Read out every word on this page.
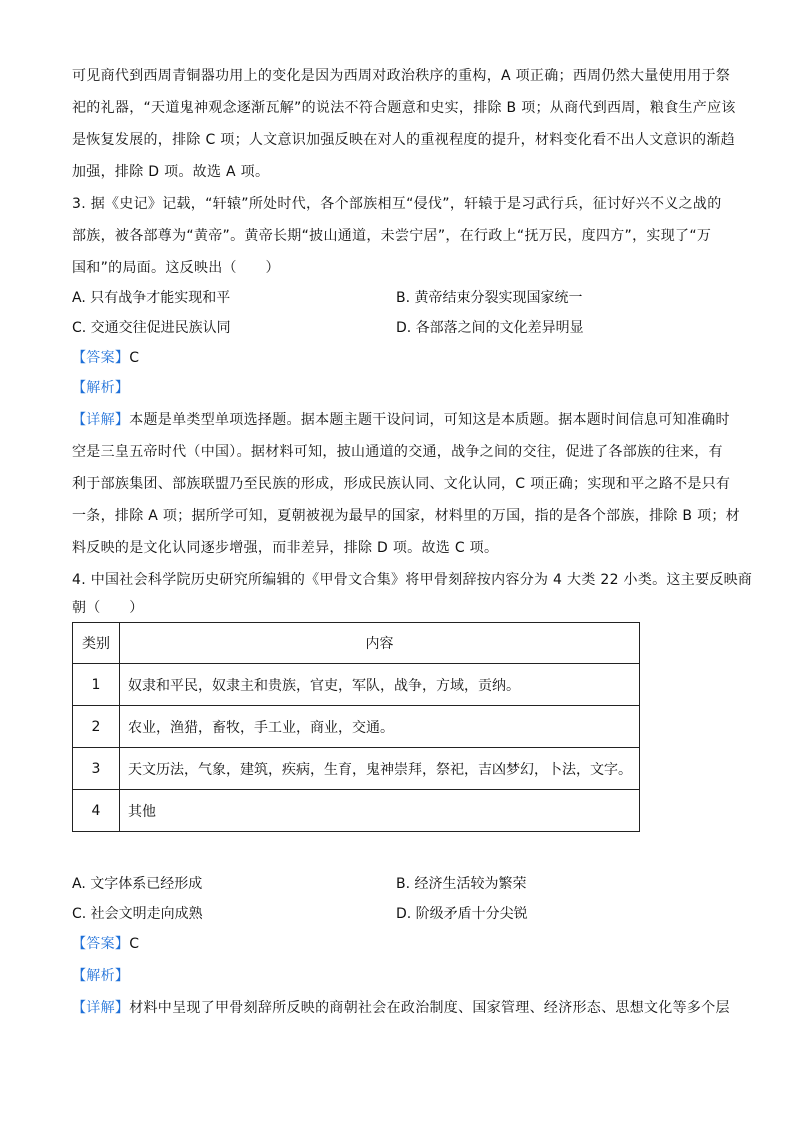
可见商代到西周青铜器功用上的变化是因为西周对政治秩序的重构，A 项正确；西周仍然大量使用用于祭
祀的礼器，“天道鬼神观念逐渐瓦解”的说法不符合题意和史实，排除 B 项；从商代到西周，粮食生产应该
是恢复发展的，排除 C 项；人文意识加强反映在对人的重视程度的提升，材料变化看不出人文意识的渐趋
加强，排除 D 项。故选 A 项。
3. 据《史记》记载，“轩辕”所处时代，各个部族相互“侵伐”，轩辕于是习武行兵，征讨好兴不义之战的
部族，被各部尊为“黄帝”。黄帝长期“披山通道，未尝宁居”，在行政上“抚万民，度四方”，实现了“万
国和”的局面。这反映出（　　）
A. 只有战争才能实现和平	B. 黄帝结束分裂实现国家统一
C. 交通交往促进民族认同	D. 各部落之间的文化差异明显
【答案】C
【解析】
【详解】本题是单类型单项选择题。据本题主题干设问词，可知这是本质题。据本题时间信息可知准确时
空是三皇五帝时代（中国）。据材料可知，披山通道的交通，战争之间的交往，促进了各部族的往来，有
利于部族集团、部族联盟乃至民族的形成，形成民族认同、文化认同，C 项正确；实现和平之路不是只有
一条，排除 A 项；据所学可知，夏朝被视为最早的国家，材料里的万国，指的是各个部族，排除 B 项；材
料反映的是文化认同逐步增强，而非差异，排除 D 项。故选 C 项。
4. 中国社会科学院历史研究所编辑的《甲骨文合集》将甲骨刻辞按内容分为 4 大类 22 小类。这主要反映商
朝（　　）
类别	内容
1	奴隶和平民，奴隶主和贵族，官吏，军队，战争，方域，贡纳。
2	农业，渔猎，畜牧，手工业，商业，交通。
3	天文历法，气象，建筑，疾病，生育，鬼神崇拜，祭祀，吉凶梦幻，卜法，文字。
4	其他
A. 文字体系已经形成	B. 经济生活较为繁荣
C. 社会文明走向成熟	D. 阶级矛盾十分尖锐
【答案】C
【解析】
【详解】材料中呈现了甲骨刻辞所反映的商朝社会在政治制度、国家管理、经济形态、思想文化等多个层
